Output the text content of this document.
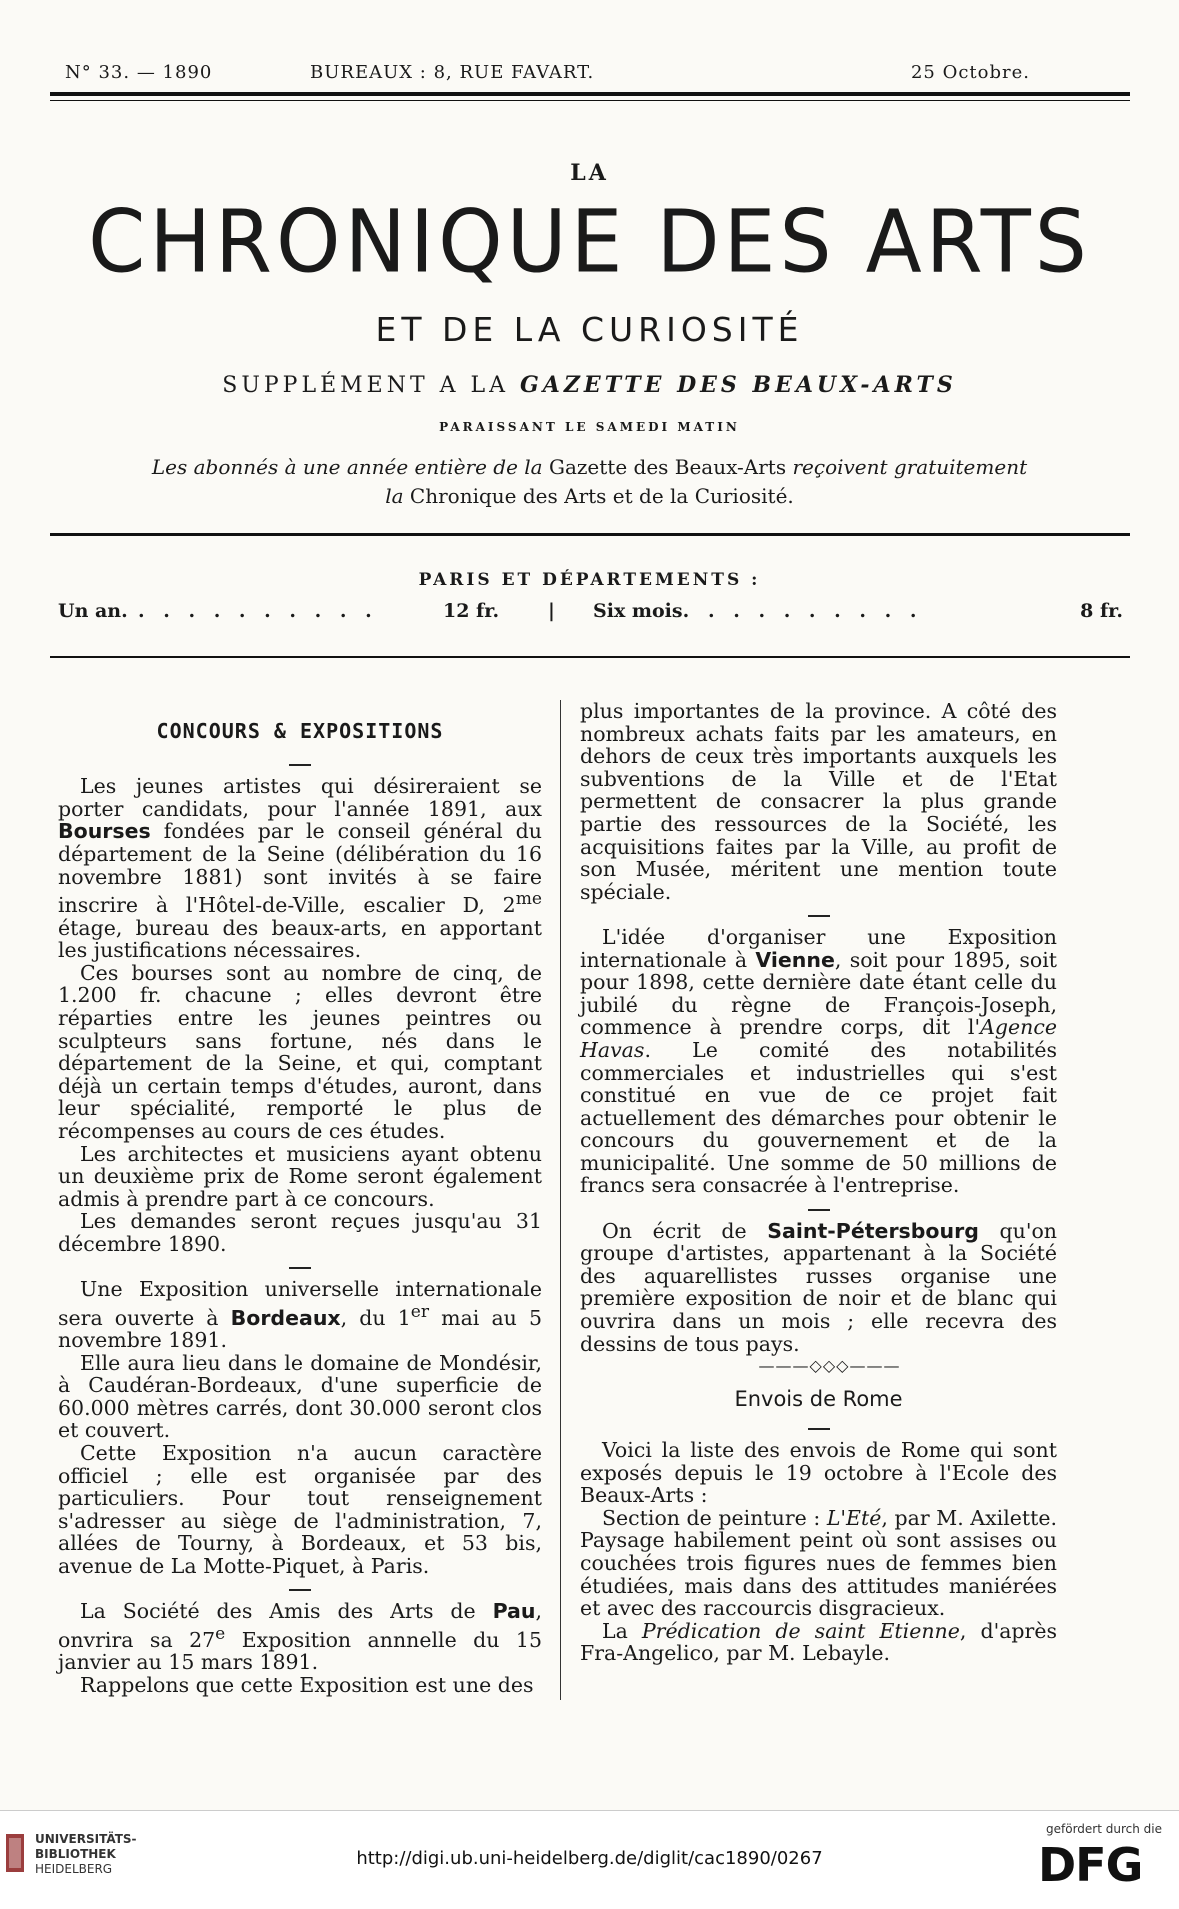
N° 33. — 1890	BUREAUX : 8, RUE FAVART.	25 Octobre.
LA
CHRONIQUE DES ARTS
ET DE LA CURIOSITÉ
SUPPLÉMENT A LA GAZETTE DES BEAUX-ARTS
PARAISSANT LE SAMEDI MATIN
Les abonnés à une année entière de la Gazette des Beaux-Arts reçoivent gratuitement
la Chronique des Arts et de la Curiosité.
PARIS ET DÉPARTEMENTS :
Un an. . . . . . . . . . .	12 fr.	| Six mois. . . . . . . . . .	8 fr.

CONCOURS & EXPOSITIONS

Les jeunes artistes qui désireraient se porter candidats, pour l'année 1891, aux Bourses fondées par le conseil général du département de la Seine (délibération du 16 novembre 1881) sont invités à se faire inscrire à l'Hôtel-de-Ville, escalier D, $2^{me}$ étage, bureau des beaux-arts, en apportant les justifications nécessaires.

Ces bourses sont au nombre de cinq, de 1.200 fr. chacune ; elles devront être réparties entre les jeunes peintres ou sculpteurs sans fortune, nés dans le département de la Seine, et qui, comptant déjà un certain temps d'études, auront, dans leur spécialité, remporté le plus de récompenses au cours de ces études.

Les architectes et musiciens ayant obtenu un deuxième prix de Rome seront également admis à prendre part à ce concours.

Les demandes seront reçues jusqu'au 31 décembre 1890.

Une Exposition universelle internationale sera ouverte à Bordeaux, du 1er mai au 5 novembre 1891.

Elle aura lieu dans le domaine de Mondésir, à Caudéran-Bordeaux, d'une superficie de 60.000 mètres carrés, dont 30.000 seront clos et couvert.

Cette Exposition n'a aucun caractère officiel ; elle est organisée par des particuliers. Pour tout renseignement s'adresser au siège de l'administration, 7, allées de Tourny, à Bordeaux, et 53 bis, avenue de La Motte-Piquet, à Paris.

La Société des Amis des Arts de Pau, onvrira sa 27e Exposition annnelle du 15 janvier au 15 mars 1891.

Rappelons que cette Exposition est une des

plus importantes de la province. A côté des nombreux achats faits par les amateurs, en dehors de ceux très importants auxquels les subventions de la Ville et de l'Etat permettent de consacrer la plus grande partie des ressources de la Société, les acquisitions faites par la Ville, au profit de son Musée, méritent une mention toute spéciale.

L'idée d'organiser une Exposition internationale à Vienne, soit pour 1895, soit pour 1898, cette dernière date étant celle du jubilé du règne de François-Joseph, commence à prendre corps, dit l'Agence Havas. Le comité des notabilités commerciales et industrielles qui s'est constitué en vue de ce projet fait actuellement des démarches pour obtenir le concours du gouvernement et de la municipalité. Une somme de 50 millions de francs sera consacrée à l'entreprise.

On écrit de Saint-Pétersbourg qu'on groupe d'artistes, appartenant à la Société des aquarellistes russes organise une première exposition de noir et de blanc qui ouvrira dans un mois ; elle recevra des dessins de tous pays.

———◇◇◇———

Envois de Rome

Voici la liste des envois de Rome qui sont exposés depuis le 19 octobre à l'Ecole des Beaux-Arts :

Section de peinture : L'Eté, par M. Axilette. Paysage habilement peint où sont assises ou couchées trois figures nues de femmes bien étudiées, mais dans des attitudes maniérées et avec des raccourcis disgracieux.

La Prédication de saint Etienne, d'après Fra-Angelico, par M. Lebayle.

UNIVERSITÄTS-
BIBLIOTHEK
HEIDELBERG	http://digi.ub.uni-heidelberg.de/diglit/cac1890/0267
gefördert durch die
DFG
